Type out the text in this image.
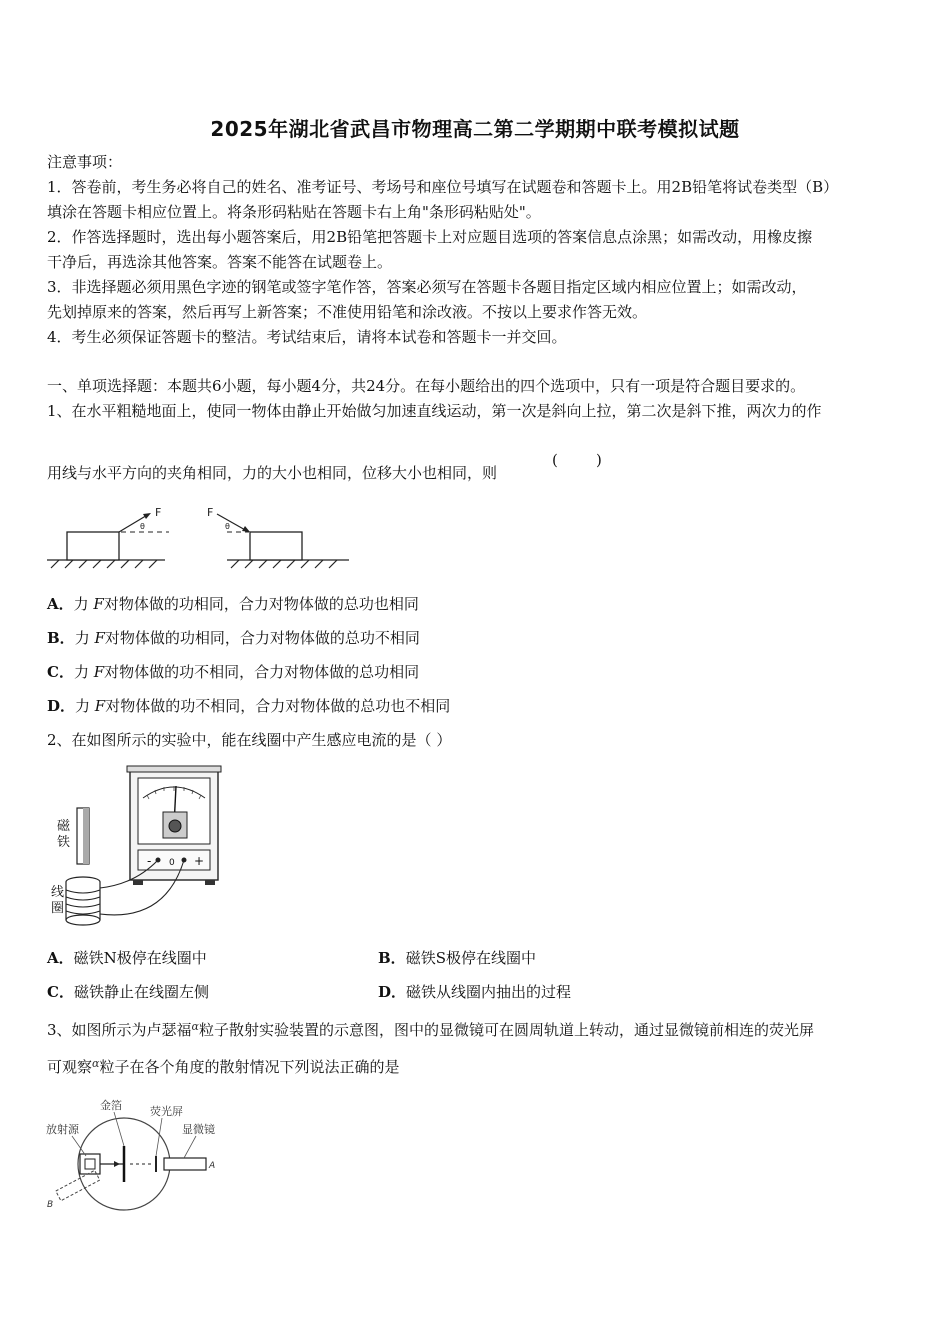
2025年湖北省武昌市物理高二第二学期期中联考模拟试题
注意事项：
1．答卷前，考生务必将自己的姓名、准考证号、考场号和座位号填写在试题卷和答题卡上。用2B铅笔将试卷类型（B）
填涂在答题卡相应位置上。将条形码粘贴在答题卡右上角"条形码粘贴处"。
2．作答选择题时，选出每小题答案后，用2B铅笔把答题卡上对应题目选项的答案信息点涂黑；如需改动，用橡皮擦
干净后，再选涂其他答案。答案不能答在试题卷上。
3．非选择题必须用黑色字迹的钢笔或签字笔作答，答案必须写在答题卡各题目指定区域内相应位置上；如需改动，
先划掉原来的答案，然后再写上新答案；不准使用铅笔和涂改液。不按以上要求作答无效。
4．考生必须保证答题卡的整洁。考试结束后，请将本试卷和答题卡一并交回。
一、单项选择题：本题共6小题，每小题4分，共24分。在每小题给出的四个选项中，只有一项是符合题目要求的。
1、在水平粗糙地面上，使同一物体由静止开始做匀加速直线运动，第一次是斜向上拉，第二次是斜下推，两次力的作
用线与水平方向的夹角相同，力的大小也相同，位移大小也相同，则
(	)
F
θ
F
θ
A．力 F对物体做的功相同，合力对物体做的总功也相同
B．力 F对物体做的功相同，合力对物体做的总功不相同
C．力 F对物体做的功不相同，合力对物体做的总功相同
D．力 F对物体做的功不相同，合力对物体做的总功也不相同
2、在如图所示的实验中，能在线圈中产生感应电流的是（ ）
- 0 +
磁
铁
线
圈
A．磁铁N极停在线圈中	B．磁铁S极停在线圈中
C．磁铁静止在线圈左侧	D．磁铁从线圈内抽出的过程
3、如图所示为卢瑟福$^\alpha$粒子散射实验装置的示意图，图中的显微镜可在圆周轨道上转动，通过显微镜前相连的荧光屏
可观察$^\alpha$粒子在各个角度的散射情况下列说法正确的是
金箔	荧光屏
显微镜
放射源
A
B
